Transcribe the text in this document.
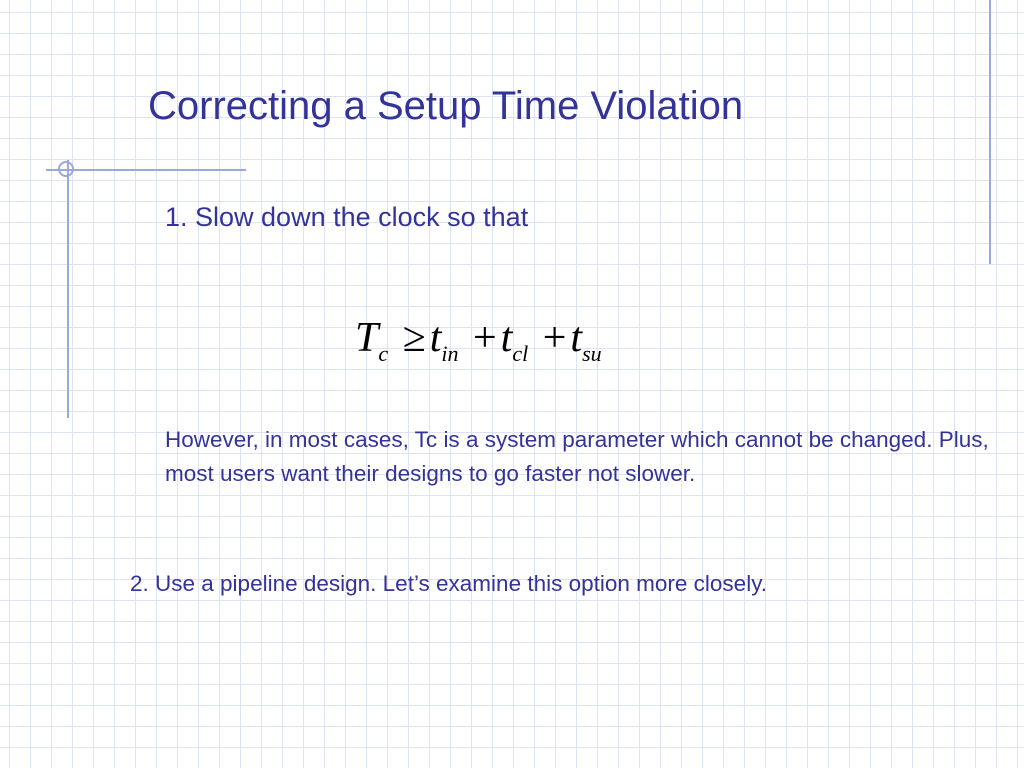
Correcting a Setup Time Violation

1. Slow down the clock so that

$T_c \ge t_{in} +t_{cl} +t_{su}$

However, in most cases, Tc is a system parameter which cannot be changed. Plus, most users want their designs to go faster not slower.

2. Use a pipeline design. Let’s examine this option more closely.
